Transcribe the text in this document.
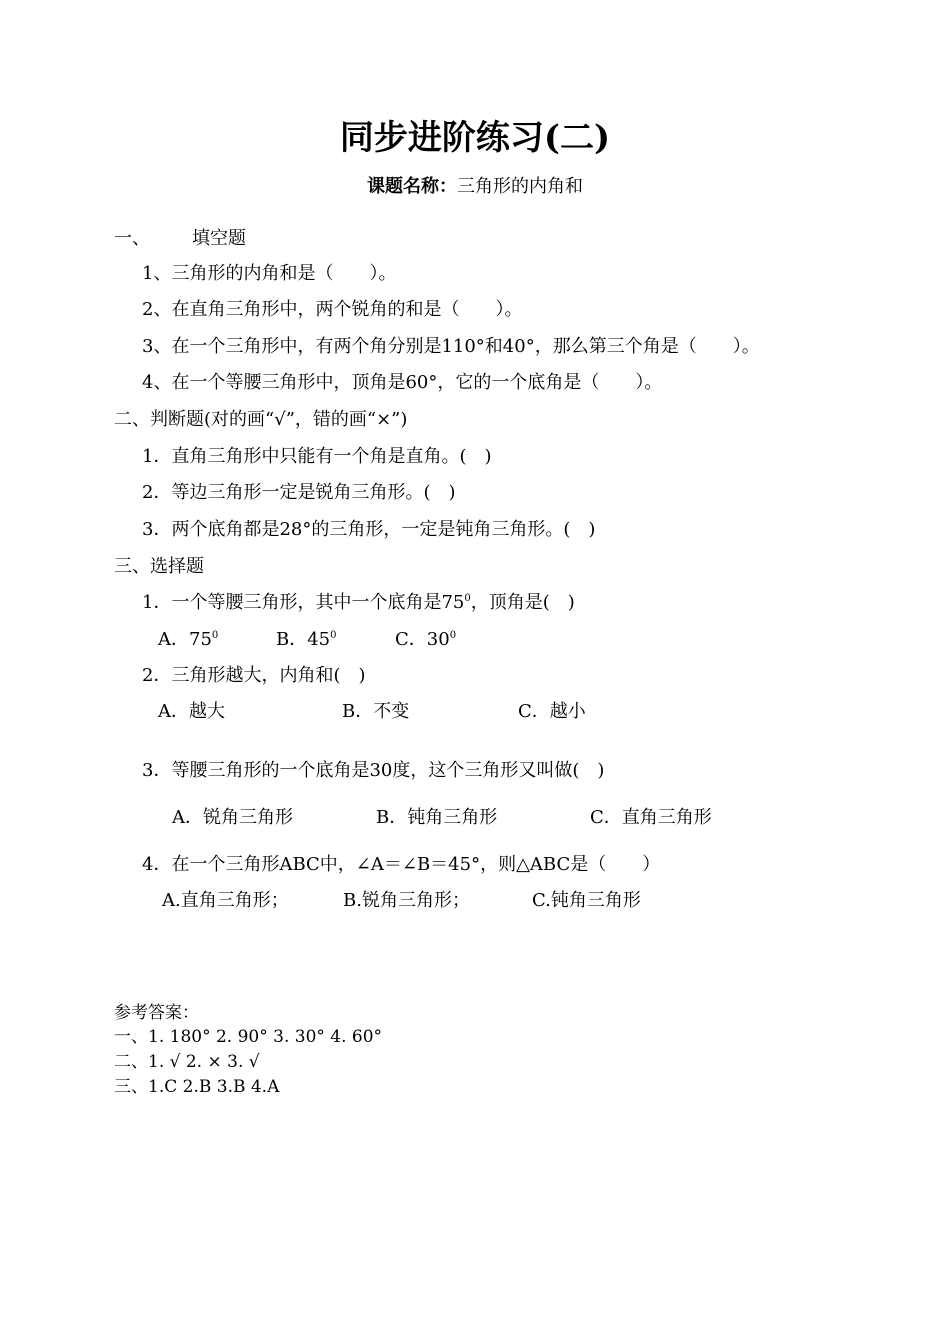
同步进阶练习(二)
课题名称：三角形的内角和
一、 填空题
1、三角形的内角和是（　　）。
2、在直角三角形中，两个锐角的和是（　　）。
3、在一个三角形中，有两个角分别是110°和40°，那么第三个角是（　　）。
4、在一个等腰三角形中，顶角是60°，它的一个底角是（　　）。
二、判断题(对的画“√”，错的画“×”)
1．直角三角形中只能有一个角是直角。(　)
2．等边三角形一定是锐角三角形。(　)
3．两个底角都是28°的三角形，一定是钝角三角形。(　)
三、选择题
1．一个等腰三角形，其中一个底角是$75^0$，顶角是(　)
A．$75^0$	B．$45^0$	C．$30^0$
2．三角形越大，内角和(　)
A．越大	B．不变	C．越小
3．等腰三角形的一个底角是30度，这个三角形又叫做(　)
A．锐角三角形	B．钝角三角形	C．直角三角形
4．在一个三角形ABC中，∠A＝∠B＝45°，则△ABC是（　　）
A.直角三角形；	B.锐角三角形；	C.钝角三角形
参考答案：
一、1. 180° 2. 90° 3. 30° 4. 60°
二、1. √ 2. × 3. √
三、1.C 2.B 3.B 4.A
